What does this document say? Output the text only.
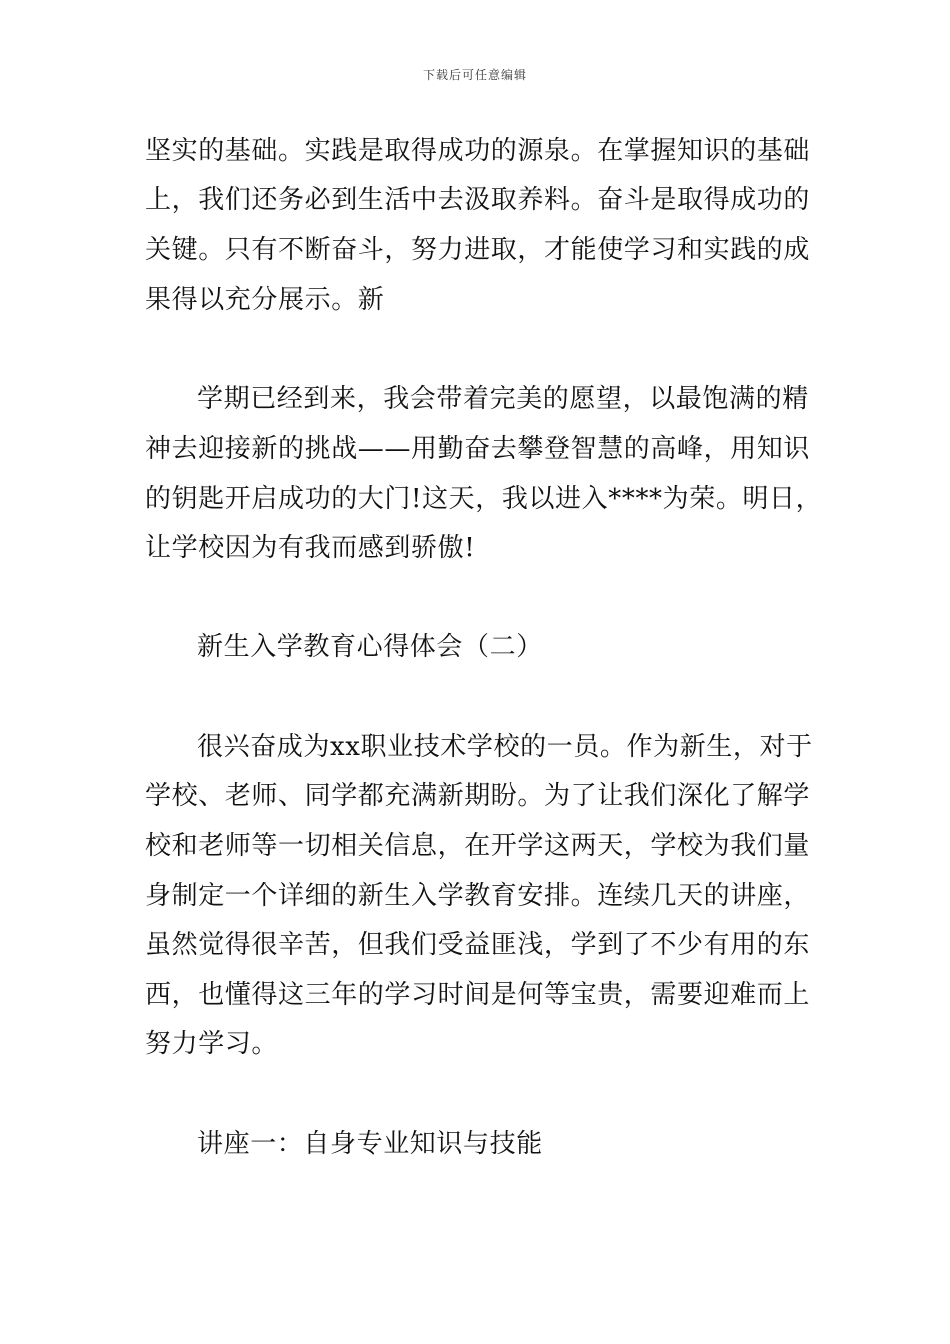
下载后可任意编辑
坚实的基础。实践是取得成功的源泉。在掌握知识的基础
上，我们还务必到生活中去汲取养料。奋斗是取得成功的
关键。只有不断奋斗，努力进取，才能使学习和实践的成
果得以充分展示。新
学期已经到来，我会带着完美的愿望，以最饱满的精
神去迎接新的挑战——用勤奋去攀登智慧的高峰，用知识
的钥匙开启成功的大门!这天，我以进入****为荣。明日，
让学校因为有我而感到骄傲!
新生入学教育心得体会（二）
很兴奋成为xx职业技术学校的一员。作为新生，对于
学校、老师、同学都充满新期盼。为了让我们深化了解学
校和老师等一切相关信息，在开学这两天，学校为我们量
身制定一个详细的新生入学教育安排。连续几天的讲座，
虽然觉得很辛苦，但我们受益匪浅，学到了不少有用的东
西，也懂得这三年的学习时间是何等宝贵，需要迎难而上
努力学习。
讲座一：自身专业知识与技能
